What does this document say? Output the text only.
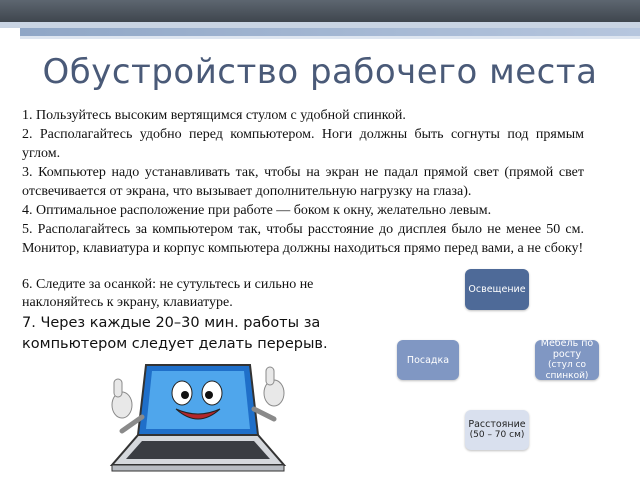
Обустройство рабочего места

1. Пользуйтесь высоким вертящимся стулом с удобной спинкой.

2. Располагайтесь удобно перед компьютером. Ноги должны быть согнуты под прямым углом.

3. Компьютер надо устанавливать так, чтобы на экран не падал прямой свет (прямой свет отсвечивается от экрана, что вызывает дополнительную нагрузку на глаза).

4. Оптимальное расположение при работе — боком к окну, желательно левым.

5. Располагайтесь за компьютером так, чтобы расстояние до дисплея было не менее 50 см. Монитор, клавиатура и корпус компьютера должны находиться прямо перед вами, а не сбоку!

6. Следите за осанкой: не сутультесь и сильно не наклоняйтесь к экрану, клавиатуре.
7. Через каждые 20–30 мин. работы за компьютером следует делать перерыв.
Освещение
Посадка
Мебель по росту
(стул со спинкой)
Расстояние
(50 – 70 см)
